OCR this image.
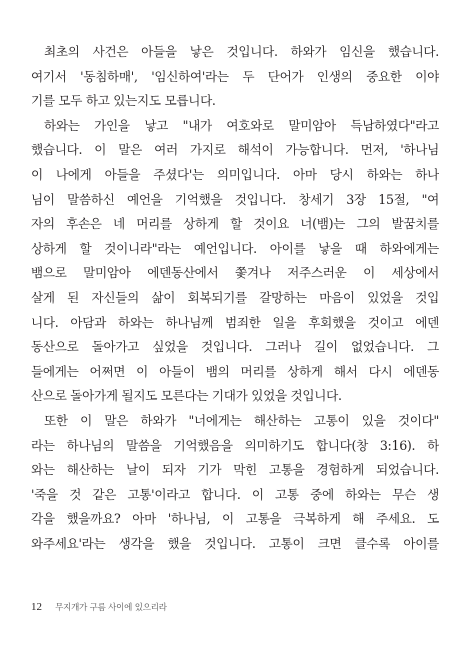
최초의 사건은 아들을 낳은 것입니다. 하와가 임신을 했습니다.
여기서 '동침하매', '임신하여'라는 두 단어가 인생의 중요한 이야
기를 모두 하고 있는지도 모릅니다.
하와는 가인을 낳고 "내가 여호와로 말미암아 득남하였다"라고
했습니다. 이 말은 여러 가지로 해석이 가능합니다. 먼저, '하나님
이 나에게 아들을 주셨다'는 의미입니다. 아마 당시 하와는 하나
님이 말씀하신 예언을 기억했을 것입니다. 창세기 3장 15절, "여
자의 후손은 네 머리를 상하게 할 것이요 너(뱀)는 그의 발꿈치를
상하게 할 것이니라"라는 예언입니다. 아이를 낳을 때 하와에게는
뱀으로 말미암아 에덴동산에서 쫓겨나 저주스러운 이 세상에서
살게 된 자신들의 삶이 회복되기를 갈망하는 마음이 있었을 것입
니다. 아담과 하와는 하나님께 범죄한 일을 후회했을 것이고 에덴
동산으로 돌아가고 싶었을 것입니다. 그러나 길이 없었습니다. 그
들에게는 어쩌면 이 아들이 뱀의 머리를 상하게 해서 다시 에덴동
산으로 돌아가게 될지도 모른다는 기대가 있었을 것입니다.
또한 이 말은 하와가 "너에게는 해산하는 고통이 있을 것이다"
라는 하나님의 말씀을 기억했음을 의미하기도 합니다(창 3:16). 하
와는 해산하는 날이 되자 기가 막힌 고통을 경험하게 되었습니다.
'죽을 것 같은 고통'이라고 합니다. 이 고통 중에 하와는 무슨 생
각을 했을까요? 아마 '하나님, 이 고통을 극복하게 해 주세요. 도
와주세요'라는 생각을 했을 것입니다. 고통이 크면 클수록 아이를
12 무지개가 구름 사이에 있으리라
